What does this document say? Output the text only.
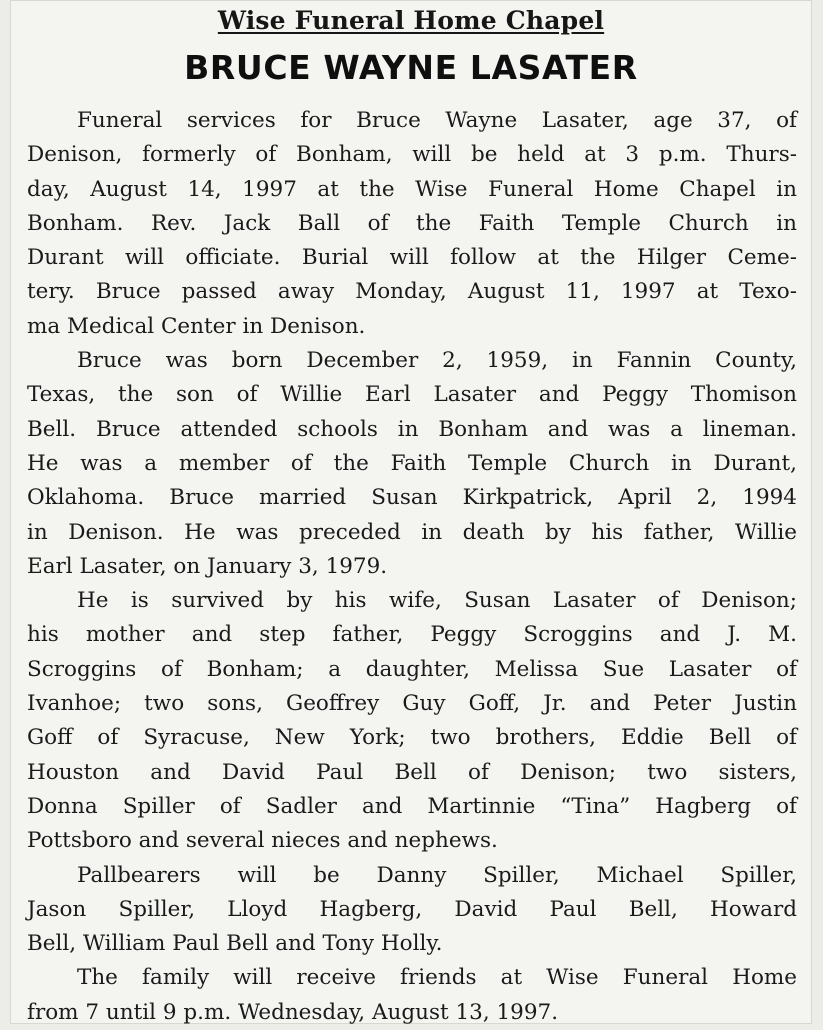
Wise Funeral Home Chapel
BRUCE WAYNE LASATER
Funeral services for Bruce Wayne Lasater, age 37, of
Denison, formerly of Bonham, will be held at 3 p.m. Thurs-
day, August 14, 1997 at the Wise Funeral Home Chapel in
Bonham. Rev. Jack Ball of the Faith Temple Church in
Durant will officiate. Burial will follow at the Hilger Ceme-
tery. Bruce passed away Monday, August 11, 1997 at Texo-
ma Medical Center in Denison.
Bruce was born December 2, 1959, in Fannin County,
Texas, the son of Willie Earl Lasater and Peggy Thomison
Bell. Bruce attended schools in Bonham and was a lineman.
He was a member of the Faith Temple Church in Durant,
Oklahoma. Bruce married Susan Kirkpatrick, April 2, 1994
in Denison. He was preceded in death by his father, Willie
Earl Lasater, on January 3, 1979.
He is survived by his wife, Susan Lasater of Denison;
his mother and step father, Peggy Scroggins and J. M.
Scroggins of Bonham; a daughter, Melissa Sue Lasater of
Ivanhoe; two sons, Geoffrey Guy Goff, Jr. and Peter Justin
Goff of Syracuse, New York; two brothers, Eddie Bell of
Houston and David Paul Bell of Denison; two sisters,
Donna Spiller of Sadler and Martinnie “Tina” Hagberg of
Pottsboro and several nieces and nephews.
Pallbearers will be Danny Spiller, Michael Spiller,
Jason Spiller, Lloyd Hagberg, David Paul Bell, Howard
Bell, William Paul Bell and Tony Holly.
The family will receive friends at Wise Funeral Home
from 7 until 9 p.m. Wednesday, August 13, 1997.
